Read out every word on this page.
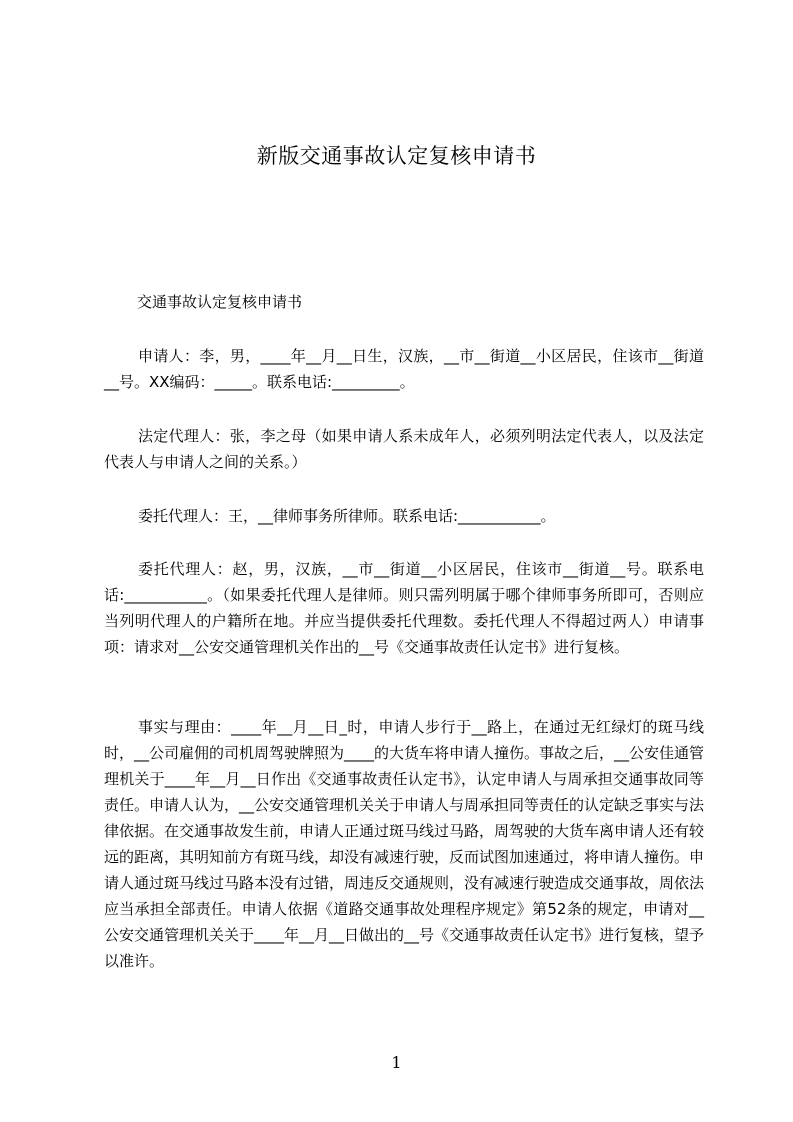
新版交通事故认定复核申请书

交通事故认定复核申请书

申请人：李，男，____年__月__日生，汉族，__市__街道__小区居民，住该市__街道__号。XX编码：_____。联系电话:_________。

法定代理人：张，李之母（如果申请人系未成年人，必须列明法定代表人，以及法定代表人与申请人之间的关系。）

委托代理人：王，__律师事务所律师。联系电话:___________。

委托代理人：赵，男，汉族，__市__街道__小区居民，住该市__街道__号。联系电话:___________。（如果委托代理人是律师。则只需列明属于哪个律师事务所即可，否则应当列明代理人的户籍所在地。并应当提供委托代理数。委托代理人不得超过两人）申请事项：请求对__公安交通管理机关作出的__号《交通事故责任认定书》进行复核。

事实与理由：____年__月__日_时，申请人步行于__路上，在通过无红绿灯的斑马线时，__公司雇佣的司机周驾驶牌照为____的大货车将申请人撞伤。事故之后，__公安佳通管理机关于____年__月__日作出《交通事故责任认定书》，认定申请人与周承担交通事故同等责任。申请人认为，__公安交通管理机关关于申请人与周承担同等责任的认定缺乏事实与法律依据。在交通事故发生前，申请人正通过斑马线过马路，周驾驶的大货车离申请人还有较远的距离，其明知前方有斑马线，却没有减速行驶，反而试图加速通过，将申请人撞伤。申请人通过斑马线过马路本没有过错，周违反交通规则，没有减速行驶造成交通事故，周依法应当承担全部责任。申请人依据《道路交通事故处理程序规定》第52条的规定，申请对__公安交通管理机关关于____年__月__日做出的__号《交通事故责任认定书》进行复核，望予以准许。

1
